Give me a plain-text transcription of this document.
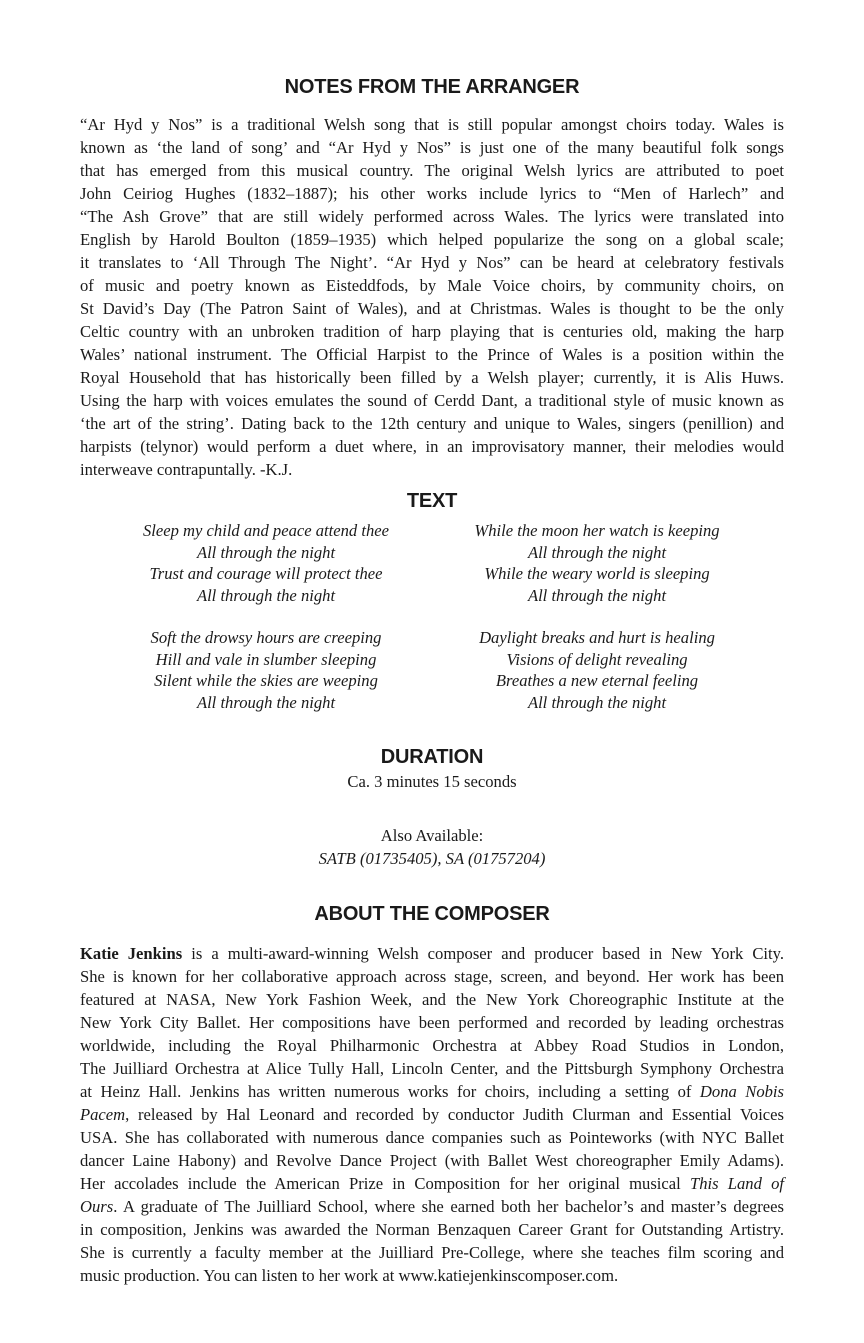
NOTES FROM THE ARRANGER
“Ar Hyd y Nos” is a traditional Welsh song that is still popular amongst choirs today. Wales is
known as ‘the land of song’ and “Ar Hyd y Nos” is just one of the many beautiful folk songs
that has emerged from this musical country. The original Welsh lyrics are attributed to poet
John Ceiriog Hughes (1832–1887); his other works include lyrics to “Men of Harlech” and
“The Ash Grove” that are still widely performed across Wales. The lyrics were translated into
English by Harold Boulton (1859–1935) which helped popularize the song on a global scale;
it translates to ‘All Through The Night’. “Ar Hyd y Nos” can be heard at celebratory festivals
of music and poetry known as Eisteddfods, by Male Voice choirs, by community choirs, on
St David’s Day (The Patron Saint of Wales), and at Christmas. Wales is thought to be the only
Celtic country with an unbroken tradition of harp playing that is centuries old, making the harp
Wales’ national instrument. The Official Harpist to the Prince of Wales is a position within the
Royal Household that has historically been filled by a Welsh player; currently, it is Alis Huws.
Using the harp with voices emulates the sound of Cerdd Dant, a traditional style of music known as
‘the art of the string’. Dating back to the 12th century and unique to Wales, singers (penillion) and
harpists (telynor) would perform a duet where, in an improvisatory manner, their melodies would
interweave contrapuntally. -K.J.
TEXT
Sleep my child and peace attend thee
All through the night
Trust and courage will protect thee
All through the night
Soft the drowsy hours are creeping
Hill and vale in slumber sleeping
Silent while the skies are weeping
All through the night
While the moon her watch is keeping
All through the night
While the weary world is sleeping
All through the night
Daylight breaks and hurt is healing
Visions of delight revealing
Breathes a new eternal feeling
All through the night
DURATION
Ca. 3 minutes 15 seconds
Also Available:
SATB (01735405), SA (01757204)
ABOUT THE COMPOSER
Katie Jenkins is a multi-award-winning Welsh composer and producer based in New York City.
She is known for her collaborative approach across stage, screen, and beyond. Her work has been
featured at NASA, New York Fashion Week, and the New York Choreographic Institute at the
New York City Ballet. Her compositions have been performed and recorded by leading orchestras
worldwide, including the Royal Philharmonic Orchestra at Abbey Road Studios in London,
The Juilliard Orchestra at Alice Tully Hall, Lincoln Center, and the Pittsburgh Symphony Orchestra
at Heinz Hall. Jenkins has written numerous works for choirs, including a setting of Dona Nobis
Pacem, released by Hal Leonard and recorded by conductor Judith Clurman and Essential Voices
USA. She has collaborated with numerous dance companies such as Pointeworks (with NYC Ballet
dancer Laine Habony) and Revolve Dance Project (with Ballet West choreographer Emily Adams).
Her accolades include the American Prize in Composition for her original musical This Land of
Ours. A graduate of The Juilliard School, where she earned both her bachelor’s and master’s degrees
in composition, Jenkins was awarded the Norman Benzaquen Career Grant for Outstanding Artistry.
She is currently a faculty member at the Juilliard Pre-College, where she teaches film scoring and
music production. You can listen to her work at www.katiejenkinscomposer.com.
